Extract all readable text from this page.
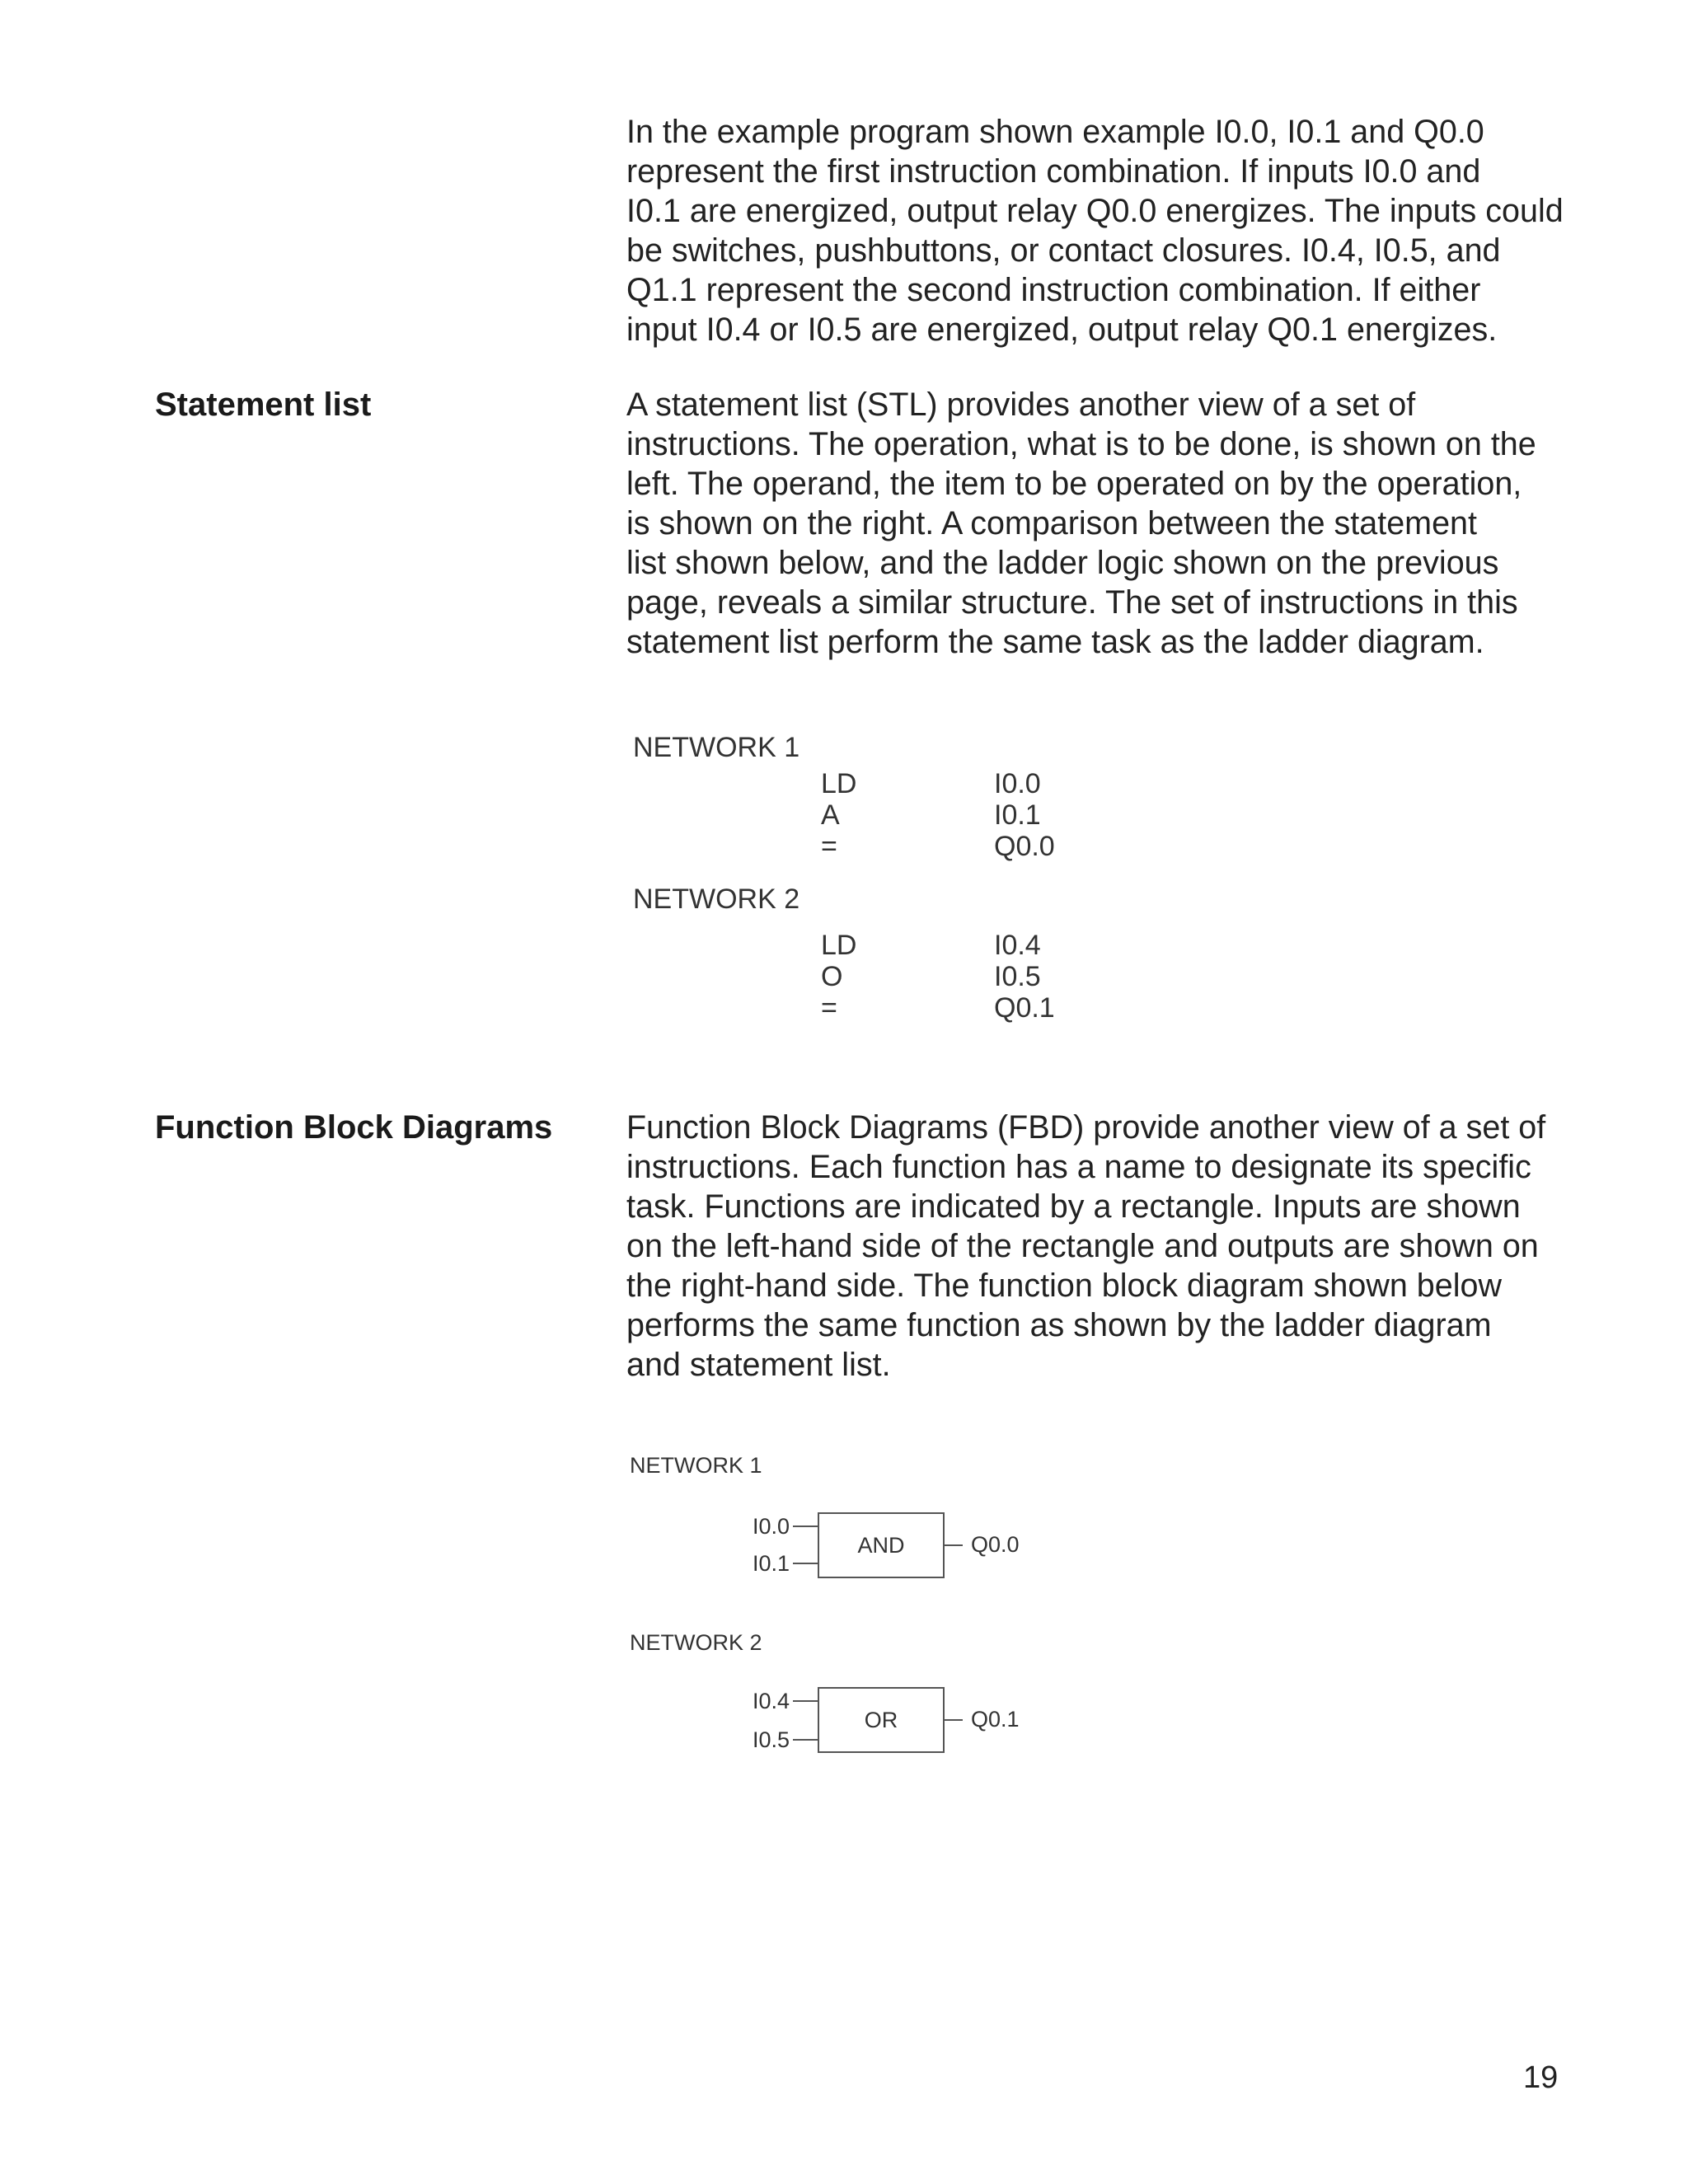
In the example program shown example I0.0, I0.1 and Q0.0
represent the first instruction combination. If inputs I0.0 and
I0.1 are energized, output relay Q0.0 energizes. The inputs could
be switches, pushbuttons, or contact closures. I0.4, I0.5, and
Q1.1 represent the second instruction combination. If either
input I0.4 or I0.5 are energized, output relay Q0.1 energizes.
Statement list	A statement list (STL) provides another view of a set of
instructions. The operation, what is to be done, is shown on the
left. The operand, the item to be operated on by the operation,
is shown on the right. A comparison between the statement
list shown below, and the ladder logic shown on the previous
page, reveals a similar structure. The set of instructions in this
statement list perform the same task as the ladder diagram.
NETWORK 1
LD	I0.0
A	I0.1
=	Q0.0
NETWORK 2
LD	I0.4
O	I0.5
=	Q0.1
Function Block Diagrams Function Block Diagrams (FBD) provide another view of a set of
instructions. Each function has a name to designate its specific
task. Functions are indicated by a rectangle. Inputs are shown
on the left-hand side of the rectangle and outputs are shown on
the right-hand side. The function block diagram shown below
performs the same function as shown by the ladder diagram
and statement list.
NETWORK 1
NETWORK 2
AND
I0.0
I0.1
Q0.0
OR
I0.4
I0.5
Q0.1
19
